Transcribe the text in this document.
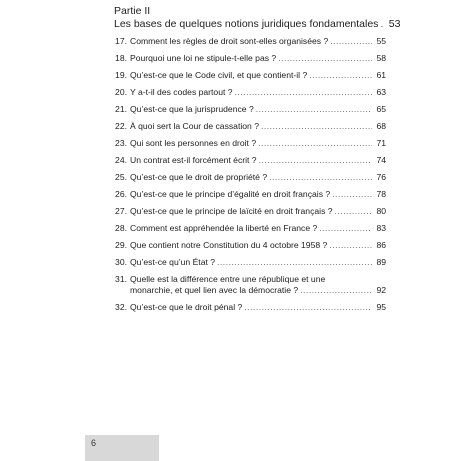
Partie II
Les bases de quelques notions juridiques fondamentales ..... 53
17. Comment les règles de droit sont-elles organisées ? .....	55
18. Pourquoi une loi ne stipule-t-elle pas ? .....	58
19. Qu’est-ce que le Code civil, et que contient-il ? .....	61
20. Y a-t-il des codes partout ? .....	63
21. Qu’est-ce que la jurisprudence ? .....	65
22. À quoi sert la Cour de cassation ? .....	68
23. Qui sont les personnes en droit ? .....	71
24. Un contrat est-il forcément écrit ? .....	74
25. Qu’est-ce que le droit de propriété ? .....	76
26. Qu’est-ce que le principe d’égalité en droit français ? .....	78
27. Qu’est-ce que le principe de laïcité en droit français ? .....	80
28. Comment est appréhendée la liberté en France ? .....	83
29. Que contient notre Constitution du 4 octobre 1958 ? .....	86
30. Qu’est-ce qu’un État ? .....	89
31. Quelle est la différence entre une république et une
monarchie, et quel lien avec la démocratie ? .....	92
32. Qu’est-ce que le droit pénal ? .....	95
6
